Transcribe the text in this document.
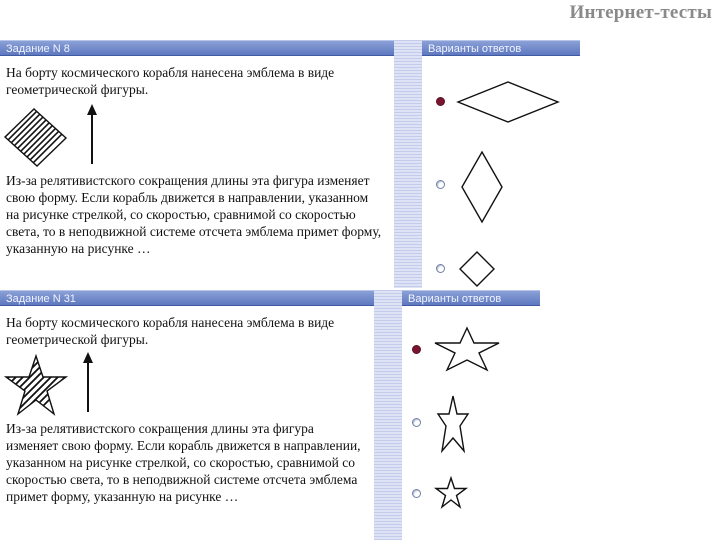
Интернет-тесты
Задание N 8	Варианты ответов
На борту космического корабля нанесена эмблема в виде геометрической фигуры.
Из-за релятивистского сокращения длины эта фигура изменяет свою форму. Если корабль движется в направлении, указанном на рисунке стрелкой, со скоростью, сравнимой со скоростью света, то в неподвижной системе отсчета эмблема примет форму, указанную на рисунке …
Задание N 31	Варианты ответов
На борту космического корабля нанесена эмблема в виде геометрической фигуры.
Из-за релятивистского сокращения длины эта фигура изменяет свою форму. Если корабль движется в направлении, указанном на рисунке стрелкой, со скоростью, сравнимой со скоростью света, то в неподвижной системе отсчета эмблема примет форму, указанную на рисунке …
